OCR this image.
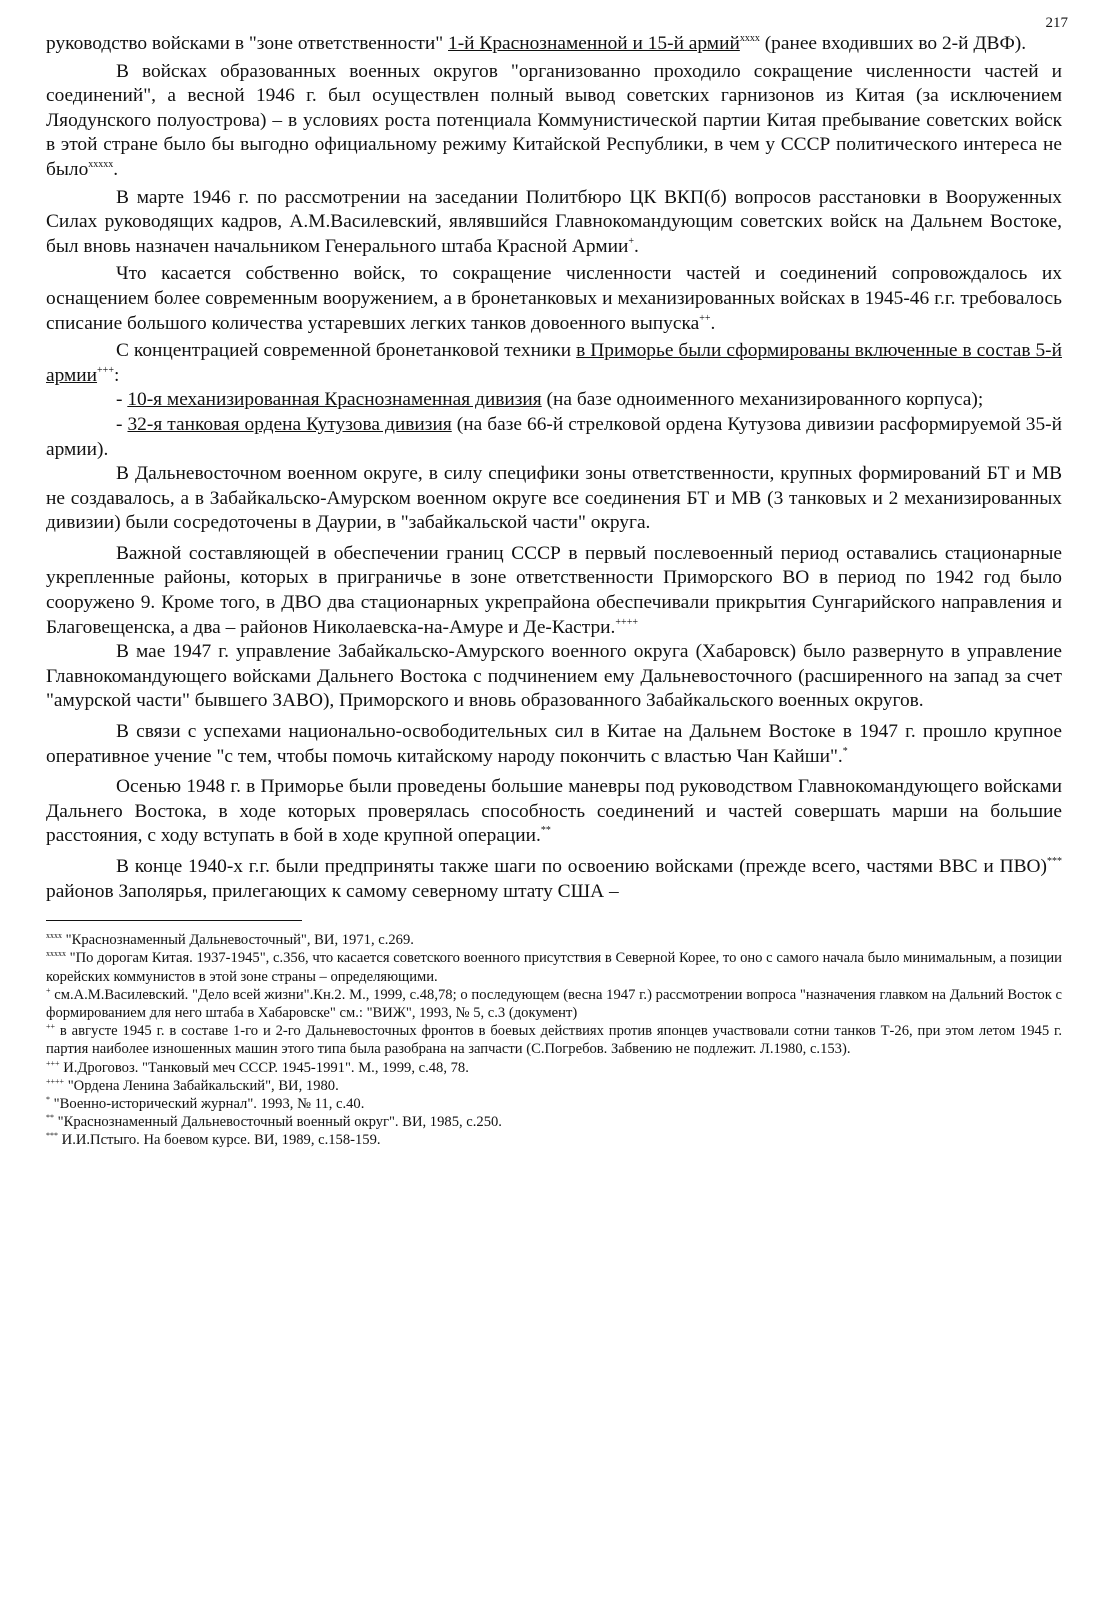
217

руководство войсками в "зоне ответственности" 1-й Краснознаменной и 15-й армий$^{xxxx}$ (ранее входивших во 2-й ДВФ).

В войсках образованных военных округов "организованно проходило сокращение численности частей и соединений", а весной 1946 г. был осуществлен полный вывод советских гарнизонов из Китая (за исключением Ляодунского полуострова) – в условиях роста потенциала Коммунистической партии Китая пребывание советских войск в этой стране было бы выгодно официальному режиму Китайской Республики, в чем у СССР политического интереса не было$^{xxxxx}$.

В марте 1946 г. по рассмотрении на заседании Политбюро ЦК ВКП(б) вопросов расстановки в Вооруженных Силах руководящих кадров, А.М.Василевский, являвшийся Главнокомандующим советских войск на Дальнем Востоке, был вновь назначен начальником Генерального штаба Красной Армии+.

Что касается собственно войск, то сокращение численности частей и соединений сопровождалось их оснащением более современным вооружением, а в бронетанковых и механизированных войсках в 1945-46 г.г. требовалось списание большого количества устаревших легких танков довоенного выпуска++.

С концентрацией современной бронетанковой техники в Приморье были сформированы включенные в состав 5-й армии+++:

- 10-я механизированная Краснознаменная дивизия (на базе одноименного механизированного корпуса);

- 32-я танковая ордена Кутузова дивизия (на базе 66-й стрелковой ордена Кутузова дивизии расформируемой 35-й армии).

В Дальневосточном военном округе, в силу специфики зоны ответственности, крупных формирований БТ и МВ не создавалось, а в Забайкальско-Амурском военном округе все соединения БТ и МВ (3 танковых и 2 механизированных дивизии) были сосредоточены в Даурии, в "забайкальской части" округа.

Важной составляющей в обеспечении границ СССР в первый послевоенный период оставались стационарные укрепленные районы, которых в приграничье в зоне ответственности Приморского ВО в период по 1942 год было сооружено 9. Кроме того, в ДВО два стационарных укрепрайона обеспечивали прикрытия Сунгарийского направления и Благовещенска, а два – районов Николаевска-на-Амуре и Де-Кастри.++++

В мае 1947 г. управление Забайкальско-Амурского военного округа (Хабаровск) было развернуто в управление Главнокомандующего войсками Дальнего Востока с подчинением ему Дальневосточного (расширенного на запад за счет "амурской части" бывшего ЗАВО), Приморского и вновь образованного Забайкальского военных округов.

В связи с успехами национально-освободительных сил в Китае на Дальнем Востоке в 1947 г. прошло крупное оперативное учение "с тем, чтобы помочь китайскому народу покончить с властью Чан Кайши".*

Осенью 1948 г. в Приморье были проведены большие маневры под руководством Главнокомандующего войсками Дальнего Востока, в ходе которых проверялась способность соединений и частей совершать марши на большие расстояния, с ходу вступать в бой в ходе крупной операции.**

В конце 1940-х г.г. были предприняты также шаги по освоению войсками (прежде всего, частями ВВС и ПВО)*** районов Заполярья, прилегающих к самому северному штату США –

$^{xxxx}$ "Краснознаменный Дальневосточный", ВИ, 1971, с.269.

$^{xxxxx}$ "По дорогам Китая. 1937-1945", с.356, что касается советского военного присутствия в Северной Корее, то оно с самого начала было минимальным, а позиции корейских коммунистов в этой зоне страны – определяющими.

+ см.А.М.Василевский. "Дело всей жизни".Кн.2. М., 1999, с.48,78; о последующем (весна 1947 г.) рассмотрении вопроса "назначения главком на Дальний Восток с формированием для него штаба в Хабаровске" см.: "ВИЖ", 1993, № 5, с.3 (документ)

++ в августе 1945 г. в составе 1-го и 2-го Дальневосточных фронтов в боевых действиях против японцев участвовали сотни танков Т-26, при этом летом 1945 г. партия наиболее изношенных машин этого типа была разобрана на запчасти (С.Погребов. Забвению не подлежит. Л.1980, с.153).

+++ И.Дроговоз. "Танковый меч СССР. 1945-1991". М., 1999, с.48, 78.

++++ "Ордена Ленина Забайкальский", ВИ, 1980.

* "Военно-исторический журнал". 1993, № 11, с.40.

** "Краснознаменный Дальневосточный военный округ". ВИ, 1985, с.250.

*** И.И.Пстыго. На боевом курсе. ВИ, 1989, с.158-159.
